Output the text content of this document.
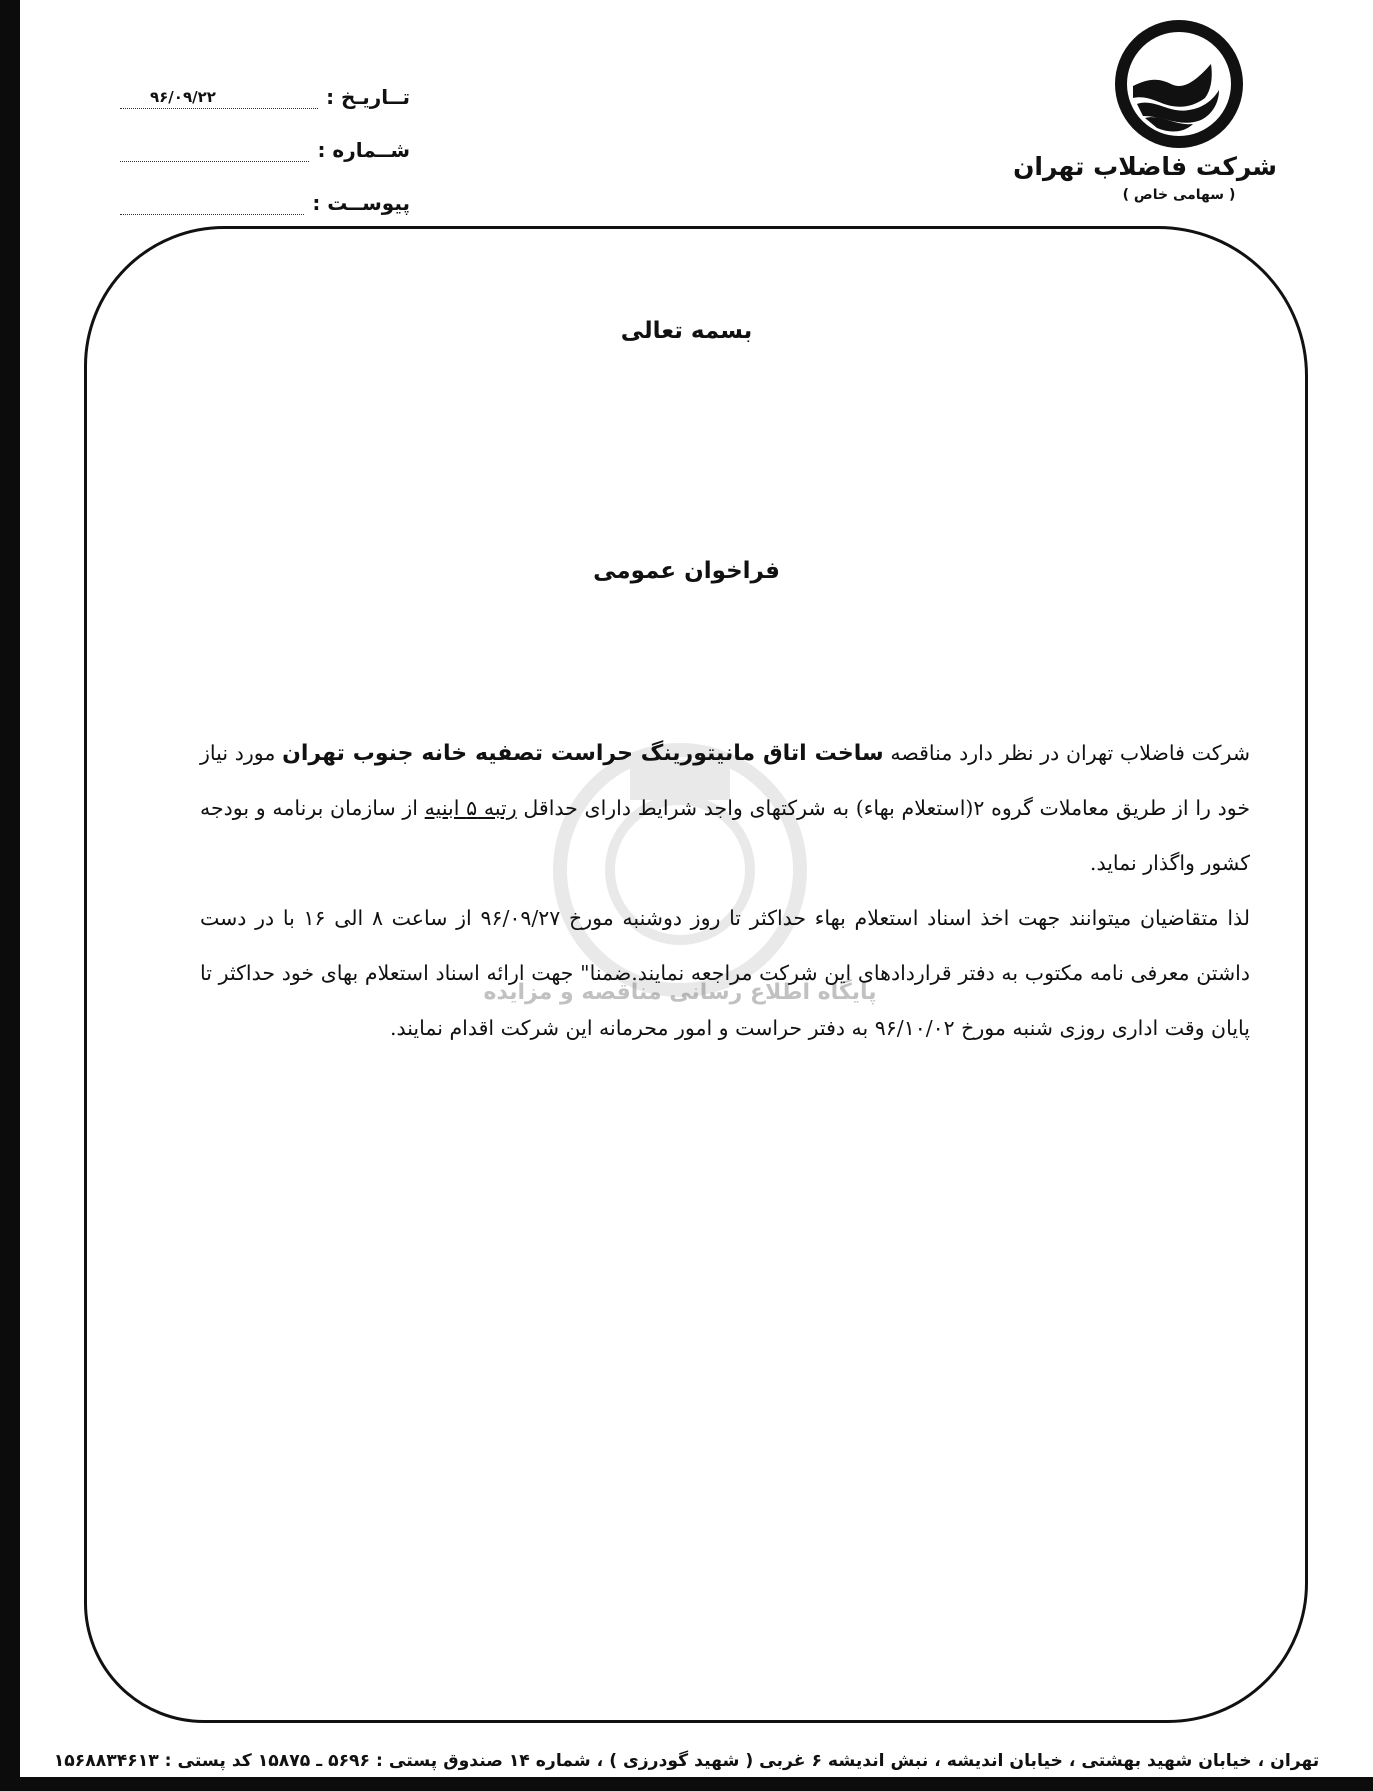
شرکت فاضلاب تهران
( سهامی خاص )
تــاریـخ :
۹۶/۰۹/۲۲
شــماره :
پیوســت :
پایگاه اطلاع رسانی مناقصه و مزایده
بسمه تعالی
فراخوان عمومی

شرکت فاضلاب تهران در نظر دارد مناقصه ساخت اتاق مانیتورینگ حراست تصفیه خانه جنوب تهران مورد نیاز خود را از طریق معاملات گروه ۲(استعلام بهاء) به شرکتهای واجد شرایط دارای حداقل رتبه ۵ ابنیه از سازمان برنامه و بودجه کشور واگذار نماید.

لذا متقاضیان میتوانند جهت اخذ اسناد استعلام بهاء حداکثر تا روز دوشنبه مورخ ۹۶/۰۹/۲۷ از ساعت ۸ الی ۱۶ با در دست داشتن معرفی نامه مکتوب به دفتر قراردادهای این شرکت مراجعه نمایند.ضمنا" جهت ارائه اسناد استعلام بهای خود حداکثر تا پایان وقت اداری روزی شنبه مورخ ۹۶/۱۰/۰۲ به دفتر حراست و امور محرمانه این شرکت اقدام نمایند.

تهران ، خیابان شهید بهشتی ، خیابان اندیشه ، نبش اندیشه ۶ غربی ( شهید گودرزی ) ، شماره ۱۴ صندوق پستی : ۵۶۹۶ ـ ۱۵۸۷۵ کد پستی : ۱۵۶۸۸۳۴۶۱۳
